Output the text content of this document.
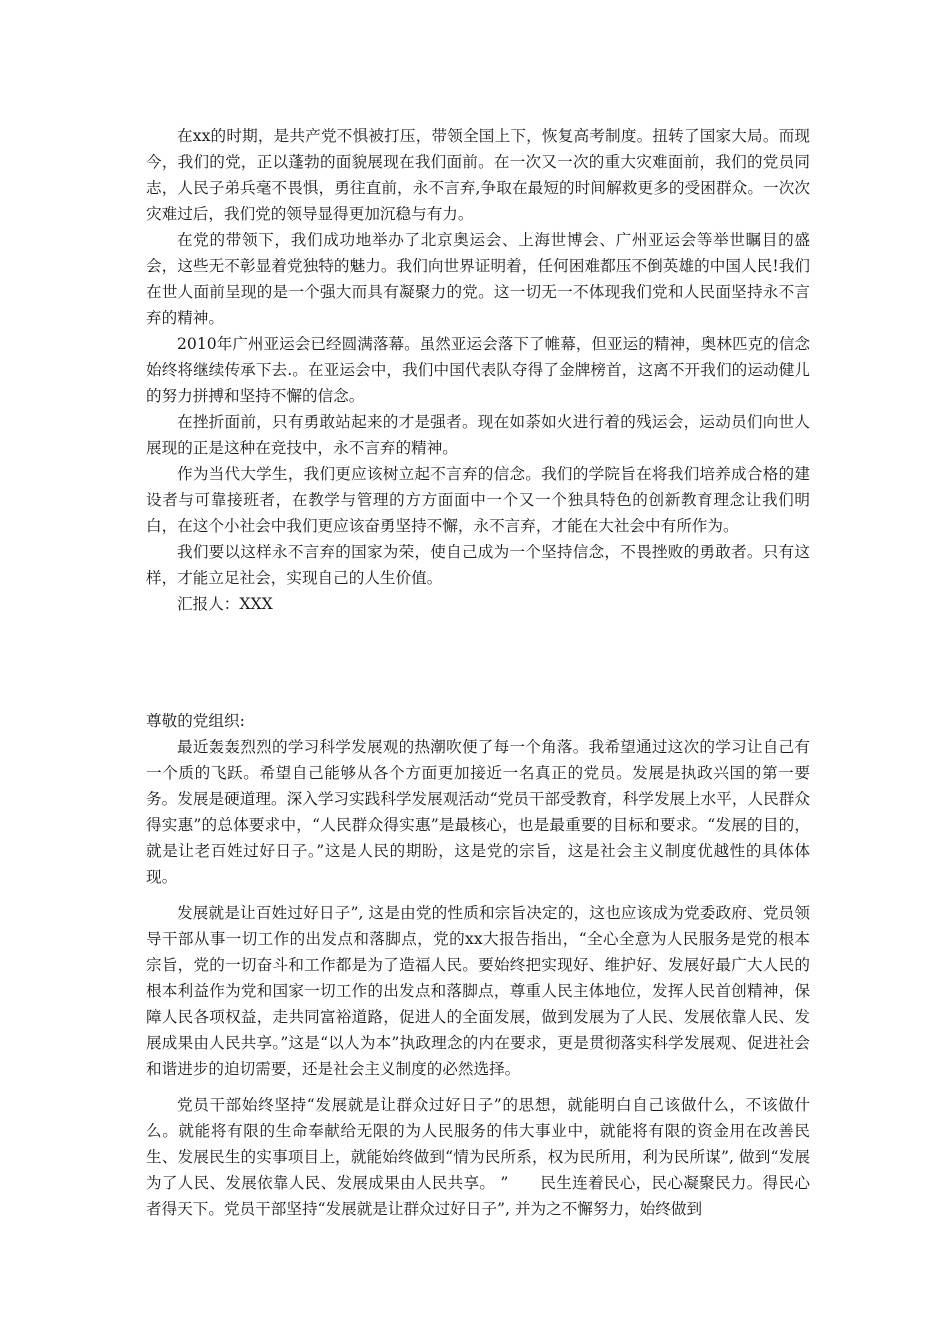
在xx的时期，是共产党不惧被打压，带领全国上下，恢复高考制度。扭转了国家大局。而现今，我们的党，正以蓬勃的面貌展现在我们面前。在一次又一次的重大灾难面前，我们的党员同志，人民子弟兵毫不畏惧，勇往直前，永不言弃,争取在最短的时间解救更多的受困群众。一次次灾难过后，我们党的领导显得更加沉稳与有力。

在党的带领下，我们成功地举办了北京奥运会、上海世博会、广州亚运会等举世瞩目的盛会，这些无不彰显着党独特的魅力。我们向世界证明着，任何困难都压不倒英雄的中国人民!我们在世人面前呈现的是一个强大而具有凝聚力的党。这一切无一不体现我们党和人民面坚持永不言弃的精神。

2010年广州亚运会已经圆满落幕。虽然亚运会落下了帷幕，但亚运的精神，奥林匹克的信念始终将继续传承下去.。在亚运会中，我们中国代表队夺得了金牌榜首，这离不开我们的运动健儿的努力拼搏和坚持不懈的信念。

在挫折面前，只有勇敢站起来的才是强者。现在如荼如火进行着的残运会，运动员们向世人展现的正是这种在竞技中，永不言弃的精神。

作为当代大学生，我们更应该树立起不言弃的信念。我们的学院旨在将我们培养成合格的建设者与可靠接班者，在教学与管理的方方面面中一个又一个独具特色的创新教育理念让我们明白，在这个小社会中我们更应该奋勇坚持不懈，永不言弃，才能在大社会中有所作为。

我们要以这样永不言弃的国家为荣，使自己成为一个坚持信念，不畏挫败的勇敢者。只有这样，才能立足社会，实现自己的人生价值。

汇报人：XXX

尊敬的党组织:

最近轰轰烈烈的学习科学发展观的热潮吹便了每一个角落。我希望通过这次的学习让自己有一个质的飞跃。希望自己能够从各个方面更加接近一名真正的党员。发展是执政兴国的第一要务。发展是硬道理。深入学习实践科学发展观活动“党员干部受教育，科学发展上水平，人民群众得实惠”的总体要求中，“人民群众得实惠”是最核心，也是最重要的目标和要求。“发展的目的，就是让老百姓过好日子。”这是人民的期盼，这是党的宗旨，这是社会主义制度优越性的具体体现。

发展就是让百姓过好日子”, 这是由党的性质和宗旨决定的，这也应该成为党委政府、党员领导干部从事一切工作的出发点和落脚点，党的xx大报告指出，“全心全意为人民服务是党的根本宗旨，党的一切奋斗和工作都是为了造福人民。要始终把实现好、维护好、发展好最广大人民的根本利益作为党和国家一切工作的出发点和落脚点，尊重人民主体地位，发挥人民首创精神，保障人民各项权益，走共同富裕道路，促进人的全面发展，做到发展为了人民、发展依靠人民、发展成果由人民共享。”这是“以人为本”执政理念的内在要求，更是贯彻落实科学发展观、促进社会和谐进步的迫切需要，还是社会主义制度的必然选择。

党员干部始终坚持“发展就是让群众过好日子”的思想，就能明白自己该做什么，不该做什么。就能将有限的生命奉献给无限的为人民服务的伟大事业中，就能将有限的资金用在改善民生、发展民生的实事项目上，就能始终做到“情为民所系，权为民所用，利为民所谋”, 做到“发展为了人民、发展依靠人民、发展成果由人民共享。 ”　　民生连着民心，民心凝聚民力。得民心者得天下。党员干部坚持“发展就是让群众过好日子”, 并为之不懈努力，始终做到
